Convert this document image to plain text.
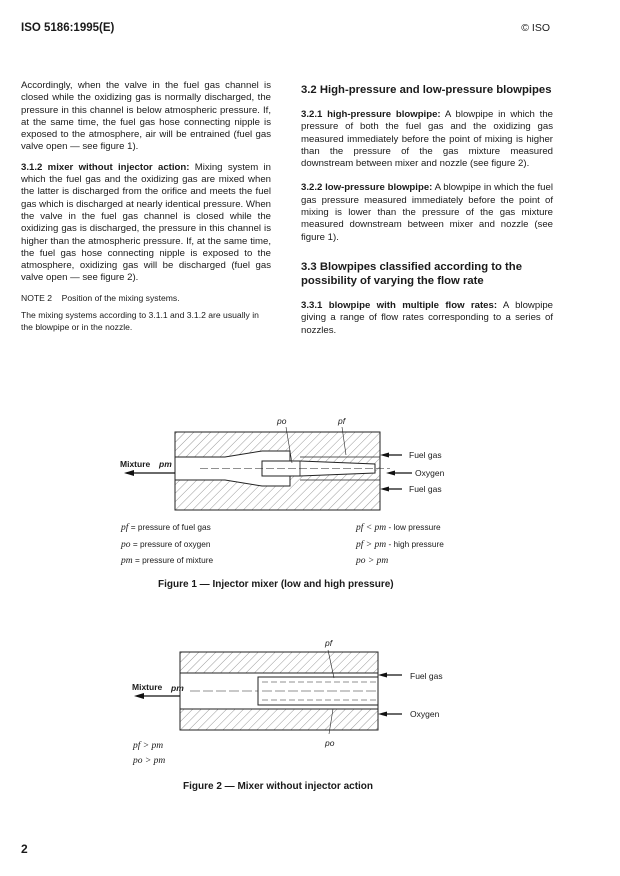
ISO 5186:1995(E)	© ISO

Accordingly, when the valve in the fuel gas channel is closed while the oxidizing gas is normally discharged, the pressure in this channel is below atmospheric pressure. If, at the same time, the fuel gas hose connecting nipple is exposed to the atmosphere, air will be entrained (fuel gas valve open — see figure 1).

3.1.2 mixer without injector action: Mixing system in which the fuel gas and the oxidizing gas are mixed when the latter is discharged from the orifice and meets the fuel gas which is discharged at nearly identical pressure. When the valve in the fuel gas channel is closed while the oxidizing gas is discharged, the pressure in this channel is higher than the atmospheric pressure. If, at the same time, the fuel gas hose connecting nipple is exposed to the atmosphere, oxidizing gas will be discharged (fuel gas valve open — see figure 2).

NOTE 2 Position of the mixing systems.

The mixing systems according to 3.1.1 and 3.1.2 are usually in the blowpipe or in the nozzle.

3.2 High-pressure and low-pressure blowpipes

3.2.1 high-pressure blowpipe: A blowpipe in which the pressure of both the fuel gas and the oxidizing gas measured immediately before the point of mixing is higher than the pressure of the gas mixture measured downstream between mixer and nozzle (see figure 2).

3.2.2 low-pressure blowpipe: A blowpipe in which the fuel gas pressure measured immediately before the point of mixing is lower than the pressure of the gas mixture measured downstream between mixer and nozzle (see figure 1).

3.3 Blowpipes classified according to the possibility of varying the flow rate

3.3.1 blowpipe with multiple flow rates: A blowpipe giving a range of flow rates corresponding to a series of nozzles.

po	pf
Mixture pm
Fuel gas
Oxygen
Fuel gas
pf = pressure of fuel gas
po = pressure of oxygen
pm = pressure of mixture
pf < pm - low pressure
pf > pm - high pressure
po > pm
Figure 1 — Injector mixer (low and high pressure)
pf
po
Mixture pm
Fuel gas
Oxygen
pf > pm
po > pm
Figure 2 — Mixer without injector action
2
